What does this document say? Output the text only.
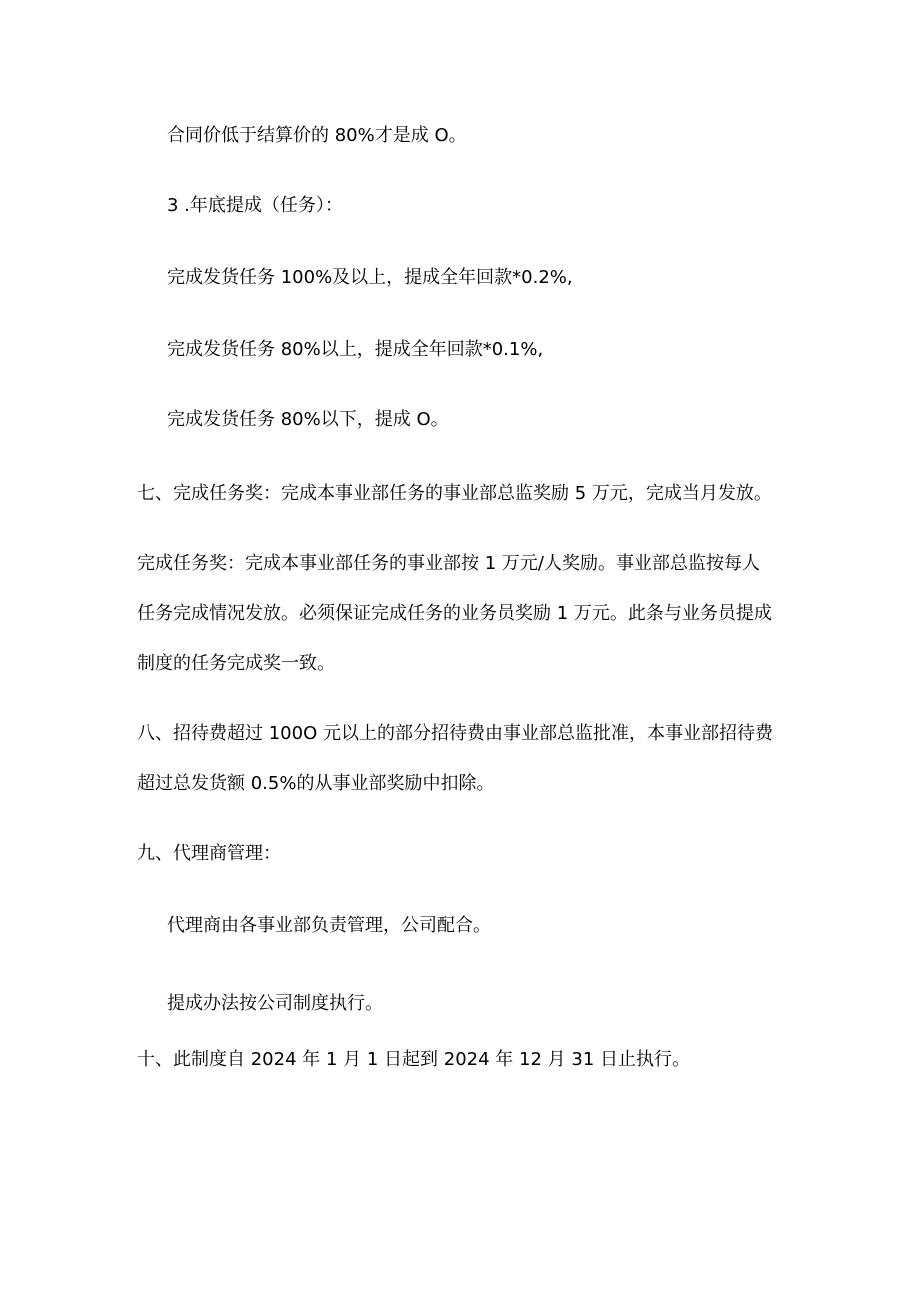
合同价低于结算价的 80%才是成 O。
3 .年底提成（任务）：
完成发货任务 100%及以上，提成全年回款*0.2%,
完成发货任务 80%以上，提成全年回款*0.1%,
完成发货任务 80%以下，提成 O。
七、完成任务奖：完成本事业部任务的事业部总监奖励 5 万元，完成当月发放。
完成任务奖：完成本事业部任务的事业部按 1 万元/人奖励。事业部总监按每人
任务完成情况发放。必须保证完成任务的业务员奖励 1 万元。此条与业务员提成
制度的任务完成奖一致。
八、招待费超过 100O 元以上的部分招待费由事业部总监批准，本事业部招待费
超过总发货额 0.5%的从事业部奖励中扣除。
九、代理商管理：
代理商由各事业部负责管理，公司配合。
提成办法按公司制度执行。
十、此制度自 2024 年 1 月 1 日起到 2024 年 12 月 31 日止执行。
